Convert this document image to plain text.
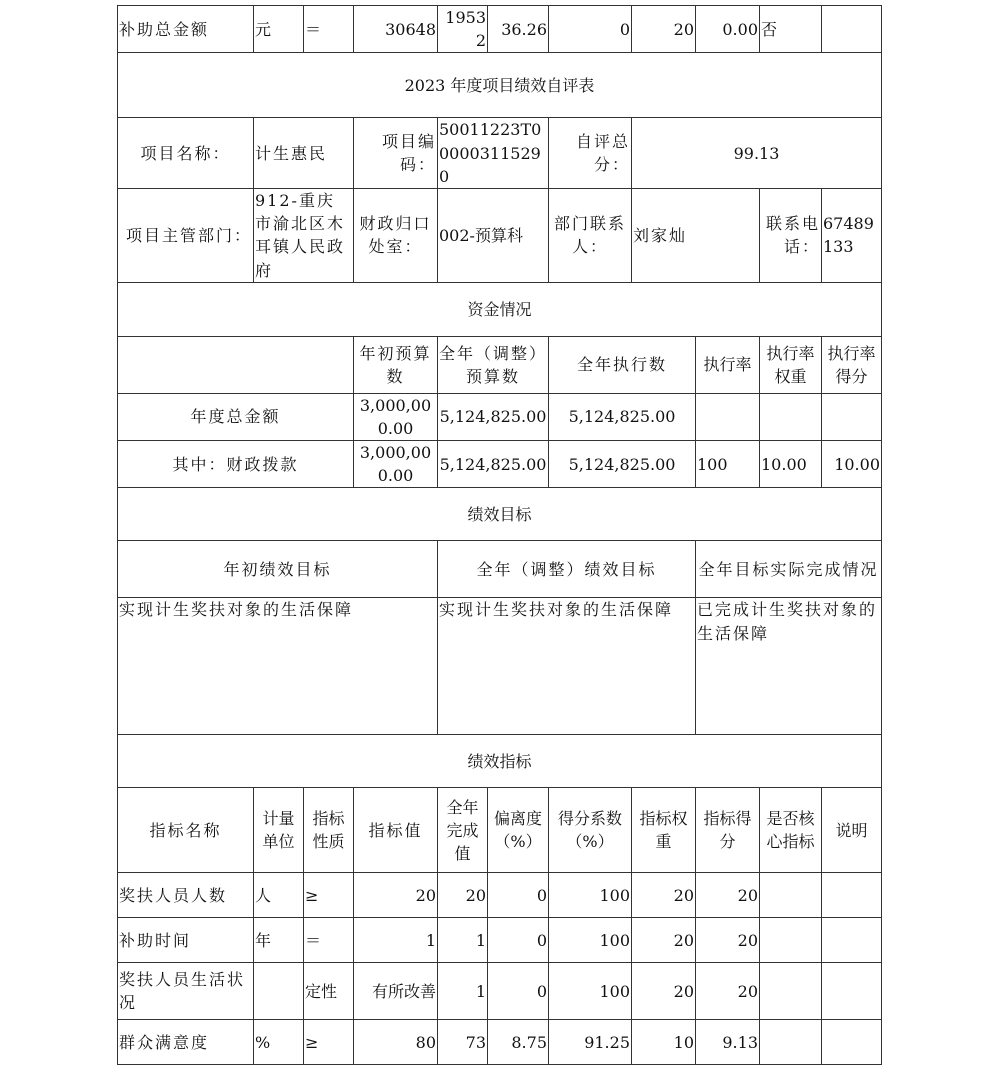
补助总金额	元	＝	30648	19532	36.26	0	20	0.00	否	
2023 年度项目绩效自评表										
项目名称：	计生惠民		项目编码：	50011223T000003115290		自评总分：	99.13			
项目主管部门：	912-重庆市渝北区木耳镇人民政府		财政归口处室：	002-预算科		部门联系人：	刘家灿		联系电话：	67489133
资金情况										
			年初预算数	全年（调整）预算数		全年执行数		执行率	执行率权重	执行率得分
年度总金额			3,000,000.00	5,124,825.00		5,124,825.00				
其中：财政拨款			3,000,000.00	5,124,825.00		5,124,825.00		100	10.00	10.00
绩效目标										
年初绩效目标				全年（调整）绩效目标				全年目标实际完成情况		
实现计生奖扶对象的生活保障				实现计生奖扶对象的生活保障				已完成计生奖扶对象的生活保障		
绩效指标										
指标名称	计量单位	指标性质	指标值	全年完成值	偏离度（%）	得分系数（%）	指标权重	指标得分	是否核心指标	说明
奖扶人员人数	人	≥	20	20	0	100	20	20		
补助时间	年	＝	1	1	0	100	20	20		
奖扶人员生活状况		定性	有所改善	1	0	100	20	20		
群众满意度	%	≥	80	73	8.75	91.25	10	9.13		
